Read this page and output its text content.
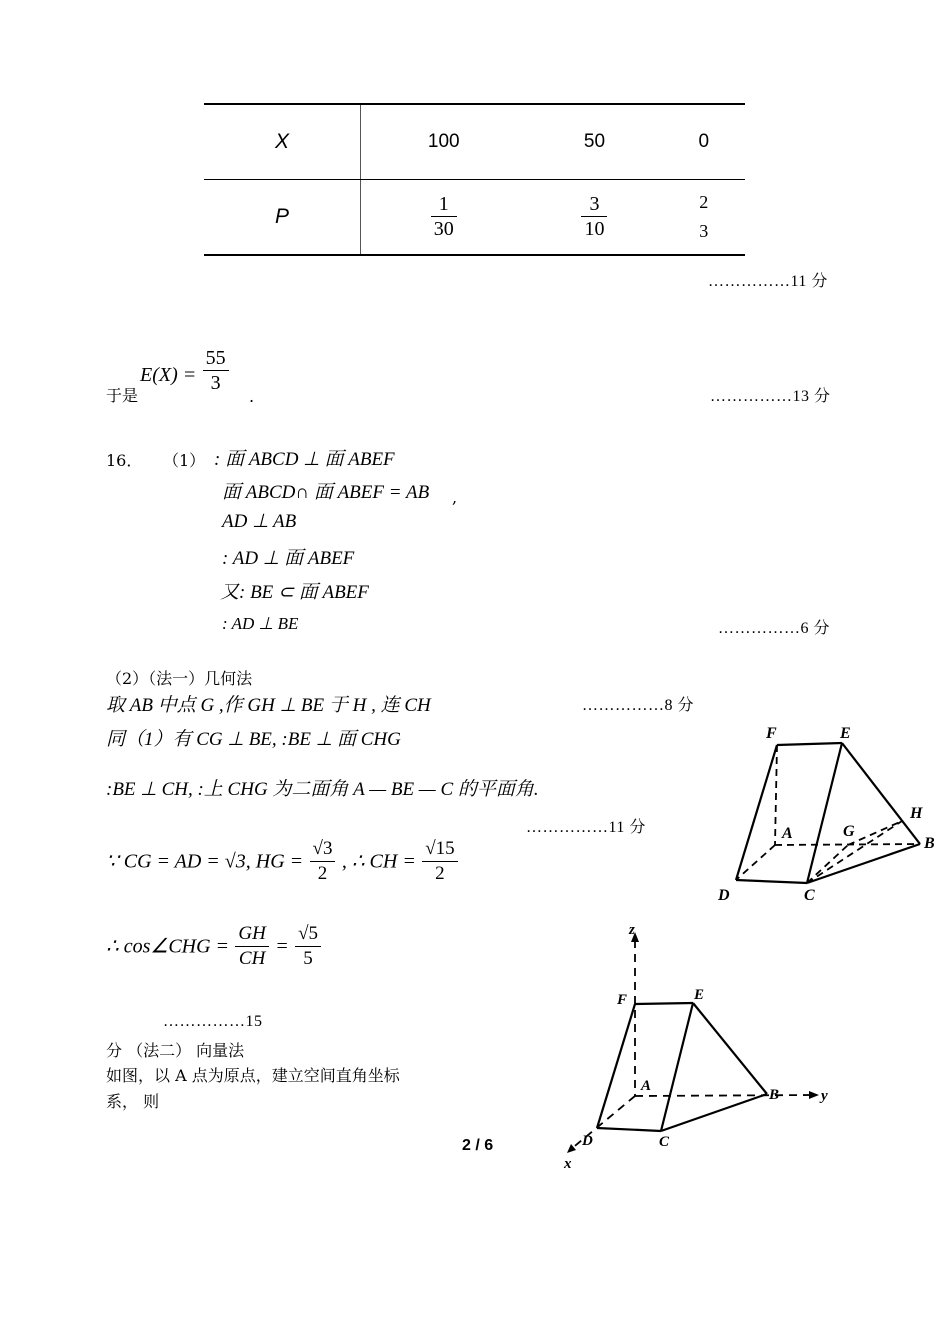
X	100	50	0
P	$\frac{1}{30}$	$\frac{3}{10}$	2
3
……………11 分
于是
$E(X) = \frac{55}{3}$
.	……………13 分
16． （1） : 面 ABCD ⊥ 面 ABEF
面 ABCD∩ 面 ABEF = AB ,
AD ⊥ AB
: AD ⊥ 面 ABEF
又: BE ⊂ 面 ABEF
: AD ⊥ BE	……………6 分
（2）（法一）几何法
取 AB 中点 G ,作 GH ⊥ BE 于 H , 连 CH	……………8 分
同（1）有 CG ⊥ BE, :BE ⊥ 面 CHG
:BE ⊥ CH, :上 CHG 为二面角 A — BE — C 的平面角.
……………11 分
∵ CG = AD = √3, HG = $\frac{√3}{2}$ , ∴ CH = $\frac{√15}{2}$
∴ cos∠CHG = $\frac{GH}{CH} = \frac{√5}{5}$
……………15
分 （法二） 向量法
如图，以 A 点为原点，建立空间直角坐标
系， 则
F	E
H
A	G
B
D	C
z
F	E
A
B	y
D	C
x
2 / 6
